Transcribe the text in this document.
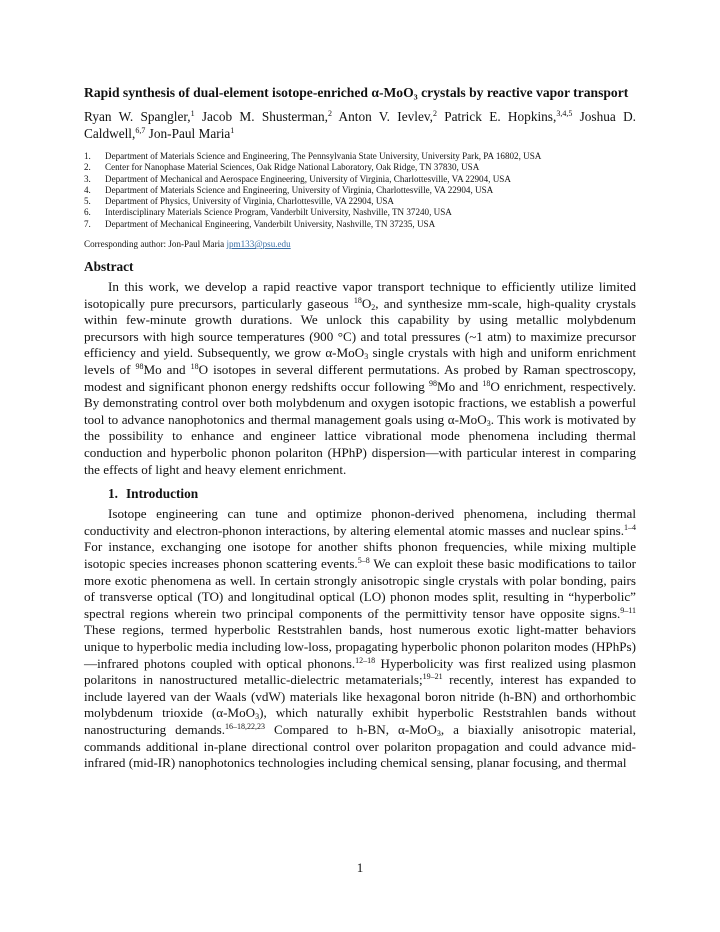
Rapid synthesis of dual-element isotope-enriched α-MoO₃ crystals by reactive vapor transport
Ryan W. Spangler,$^1$ Jacob M. Shusterman,$^2$ Anton V. Ievlev,$^2$ Patrick E. Hopkins,$^{3,4,5}$ Joshua D. Caldwell,$^{6,7}$ Jon-Paul Maria$^1$
1.	Department of Materials Science and Engineering, The Pennsylvania State University, University Park, PA 16802, USA
2.	Center for Nanophase Material Sciences, Oak Ridge National Laboratory, Oak Ridge, TN 37830, USA
3.	Department of Mechanical and Aerospace Engineering, University of Virginia, Charlottesville, VA 22904, USA
4.	Department of Materials Science and Engineering, University of Virginia, Charlottesville, VA 22904, USA
5.	Department of Physics, University of Virginia, Charlottesville, VA 22904, USA
6.	Interdisciplinary Materials Science Program, Vanderbilt University, Nashville, TN 37240, USA
7.	Department of Mechanical Engineering, Vanderbilt University, Nashville, TN 37235, USA
Corresponding author: Jon-Paul Maria jpm133@psu.edu
Abstract

In this work, we develop a rapid reactive vapor transport technique to efficiently utilize limited isotopically pure precursors, particularly gaseous $^{18}O_2$, and synthesize mm-scale, high-quality crystals within few-minute growth durations. We unlock this capability by using metallic molybdenum precursors with high source temperatures (900 °C) and total pressures (~1 atm) to maximize precursor efficiency and yield. Subsequently, we grow α-MoO$_3$ single crystals with high and uniform enrichment levels of $^{98}$Mo and $^{18}$O isotopes in several different permutations. As probed by Raman spectroscopy, modest and significant phonon energy redshifts occur following $^{98}$Mo and $^{18}$O enrichment, respectively. By demonstrating control over both molybdenum and oxygen isotopic fractions, we establish a powerful tool to advance nanophotonics and thermal management goals using α-MoO$_3$. This work is motivated by the possibility to enhance and engineer lattice vibrational mode phenomena including thermal conduction and hyperbolic phonon polariton (HPhP) dispersion—with particular interest in comparing the effects of light and heavy element enrichment.

1. Introduction

Isotope engineering can tune and optimize phonon-derived phenomena, including thermal conductivity and electron-phonon interactions, by altering elemental atomic masses and nuclear spins.$^{1-4}$ For instance, exchanging one isotope for another shifts phonon frequencies, while mixing multiple isotopic species increases phonon scattering events.$^{5-8}$ We can exploit these basic modifications to tailor more exotic phenomena as well. In certain strongly anisotropic single crystals with polar bonding, pairs of transverse optical (TO) and longitudinal optical (LO) phonon modes split, resulting in “hyperbolic” spectral regions wherein two principal components of the permittivity tensor have opposite signs.$^{9-11}$ These regions, termed hyperbolic Reststrahlen bands, host numerous exotic light-matter behaviors unique to hyperbolic media including low-loss, propagating hyperbolic phonon polariton modes (HPhPs)—infrared photons coupled with optical phonons.$^{12-18}$ Hyperbolicity was first realized using plasmon polaritons in nanostructured metallic-dielectric metamaterials;$^{19-21}$ recently, interest has expanded to include layered van der Waals (vdW) materials like hexagonal boron nitride (h-BN) and orthorhombic molybdenum trioxide (α-MoO$_3$), which naturally exhibit hyperbolic Reststrahlen bands without nanostructuring demands.$^{16-18,22,23}$ Compared to h-BN, α-MoO$_3$, a biaxially anisotropic material, commands additional in-plane directional control over polariton propagation and could advance mid-infrared (mid-IR) nanophotonics technologies including chemical sensing, planar focusing, and thermal

1
